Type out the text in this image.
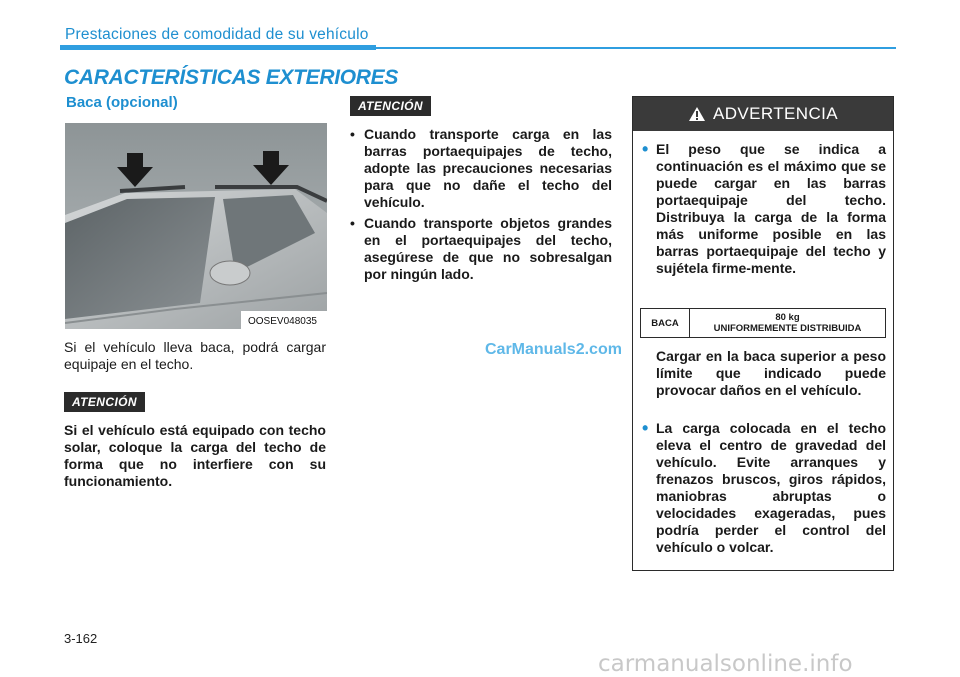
Prestaciones de comodidad de su vehículo
CARACTERÍSTICAS EXTERIORES
Baca (opcional)
OOSEV048035
Si el vehículo lleva baca, podrá cargar equipaje en el techo.
ATENCIÓN
Si el vehículo está equipado con techo solar, coloque la carga del techo de forma que no interfiere con su funcionamiento.
ATENCIÓN
• Cuando transporte carga en las barras portaequipajes de techo, adopte las precauciones necesarias para que no dañe el techo del vehículo.
• Cuando transporte objetos grandes en el portaequipajes del techo, asegúrese de que no sobresalgan por ningún lado.
ADVERTENCIA
• El peso que se indica a continuación es el máximo que se puede cargar en las barras portaequipaje del techo. Distribuya la carga de la forma más uniforme posible en las barras portaequipaje del techo y sujétela firme-mente.
BACA	80 kg
UNIFORMEMENTE DISTRIBUIDA
Cargar en la baca superior a peso límite que indicado puede provocar daños en el vehículo.
• La carga colocada en el techo eleva el centro de gravedad del vehículo. Evite arranques y frenazos bruscos, giros rápidos, maniobras abruptas o velocidades exageradas, pues podría perder el control del vehículo o volcar.
CarManuals2.com
3-162
carmanualsonline.info
